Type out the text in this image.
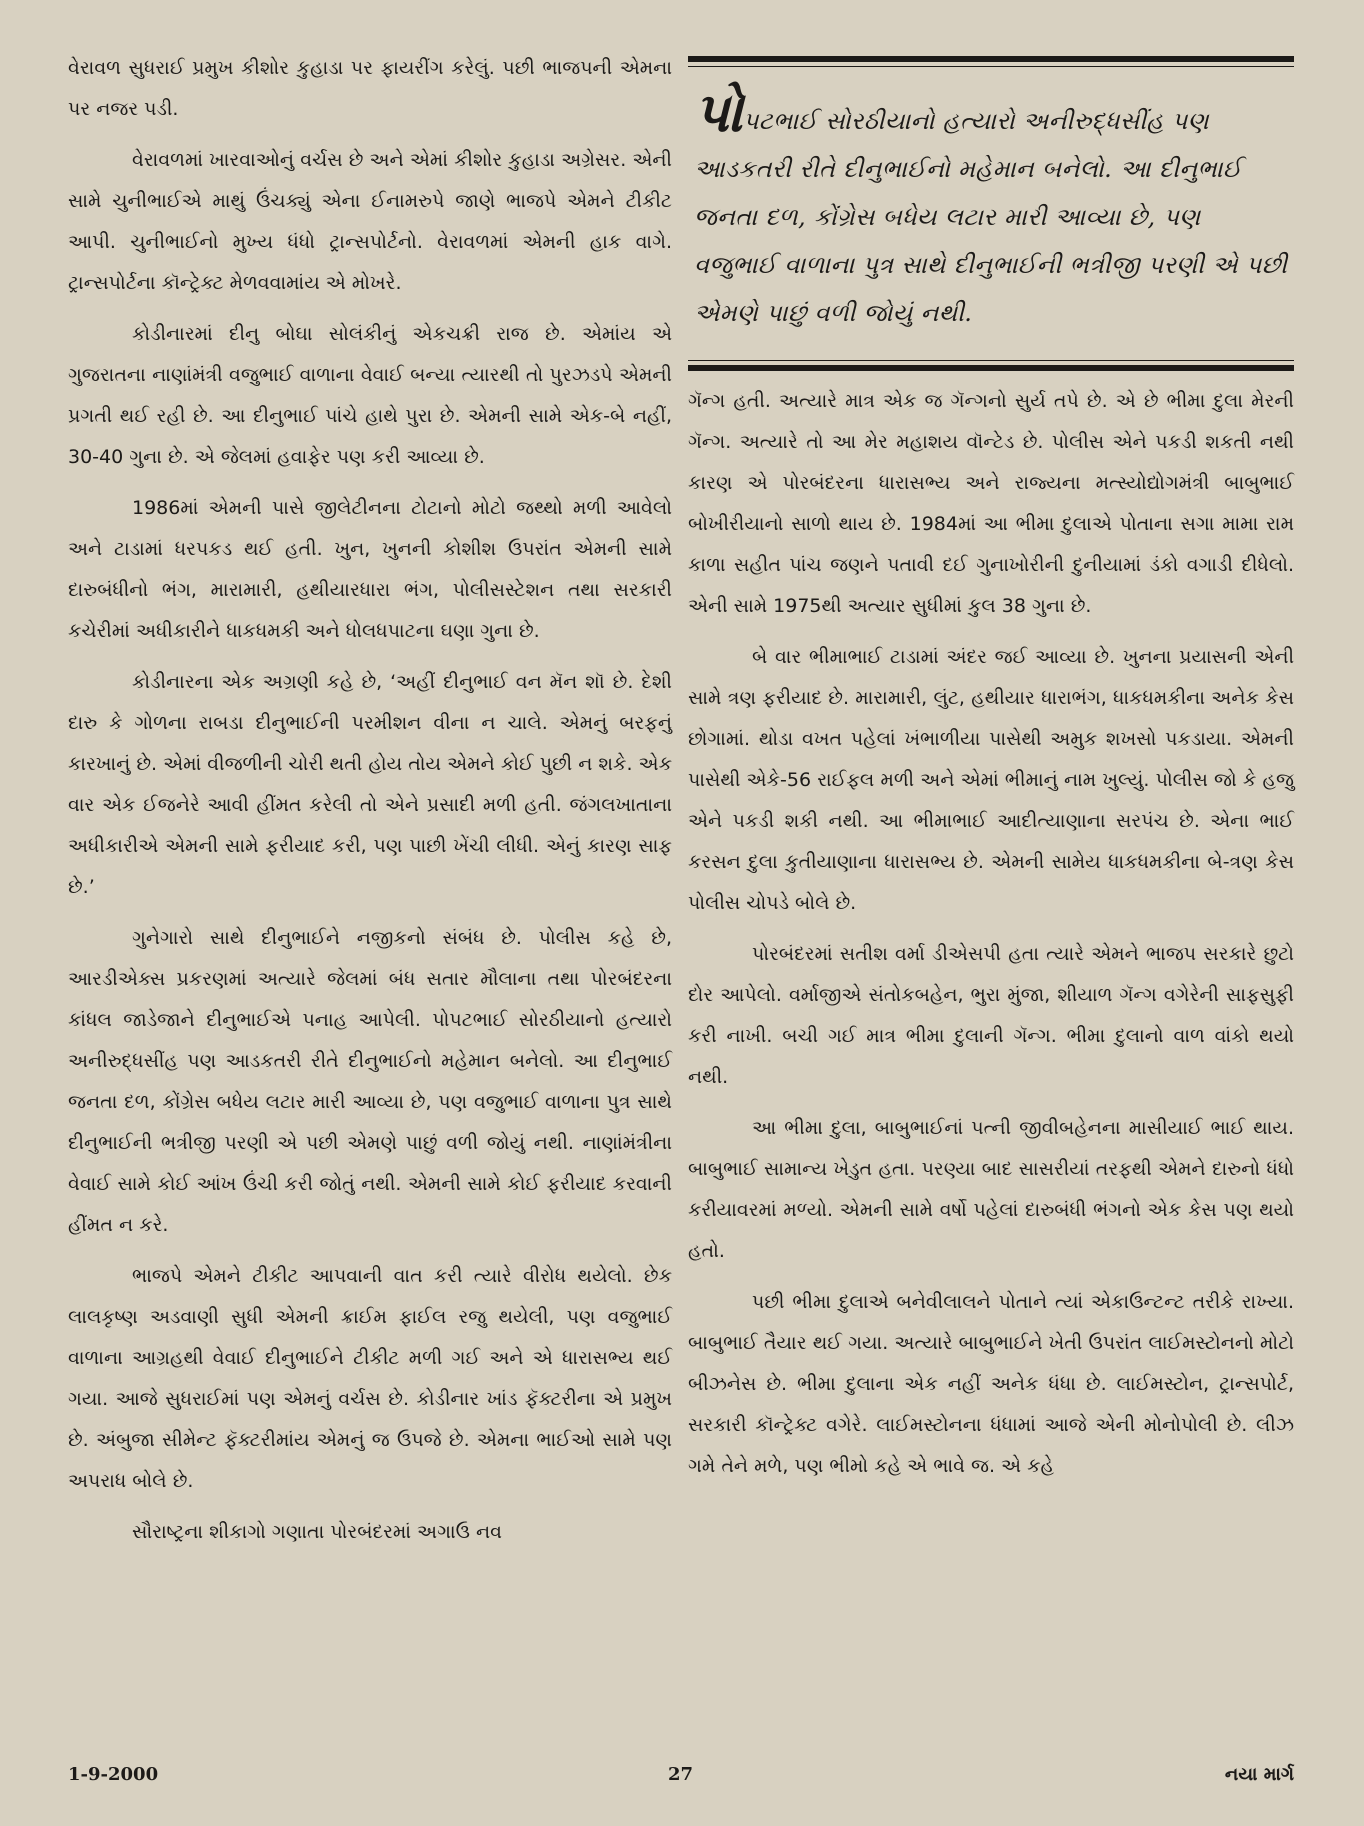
વેરાવળ સુધરાઈ પ્રમુખ કીશોર કુહાડા પર ફાયરીંગ કરેલું. પછી ભાજપની એમના પર નજર પડી.

વેરાવળમાં ખારવાઓનું વર્ચસ છે અને એમાં કીશોર કુહાડા અગ્રેસર. એની સામે ચુનીભાઈએ માથું ઉંચક્યું એના ઈનામરુપે જાણે ભાજપે એમને ટીકીટ આપી. ચુનીભાઈનો મુખ્ય ધંધો ટ્રાન્સપોર્ટનો. વેરાવળમાં એમની હાક વાગે. ટ્રાન્સપોર્ટના કૉન્ટ્રેક્ટ મેળવવામાંય એ મોખરે.

કોડીનારમાં દીનુ બોઘા સોલંકીનું એકચક્રી રાજ છે. એમાંય એ ગુજરાતના નાણાંમંત્રી વજુભાઈ વાળાના વેવાઈ બન્યા ત્યારથી તો પુરઝડપે એમની પ્રગતી થઈ રહી છે. આ દીનુભાઈ પાંચે હાથે પુરા છે. એમની સામે એક-બે નહીં, 30-40 ગુના છે. એ જેલમાં હવાફેર પણ કરી આવ્યા છે.

1986માં એમની પાસે જીલેટીનના ટોટાનો મોટો જથ્થો મળી આવેલો અને ટાડામાં ધરપકડ થઈ હતી. ખુન, ખુનની કોશીશ ઉપરાંત એમની સામે દારુબંધીનો ભંગ, મારામારી, હથીયારધારા ભંગ, પોલીસસ્ટેશન તથા સરકારી કચેરીમાં અધીકારીને ધાકધમકી અને ધોલધપાટના ઘણા ગુના છે.

કોડીનારના એક અગ્રણી કહે છે, ‘અહીં દીનુભાઈ વન મૅન શૉ છે. દેશી દારુ કે ગોળના રાબડા દીનુભાઈની પરમીશન વીના ન ચાલે. એમનું બરફનું કારખાનું છે. એમાં વીજળીની ચોરી થતી હોય તોય એમને કોઈ પુછી ન શકે. એક વાર એક ઈજનેરે આવી હીંમત કરેલી તો એને પ્રસાદી મળી હતી. જંગલખાતાના અધીકારીએ એમની સામે ફરીયાદ કરી, પણ પાછી ખેંચી લીધી. એનું કારણ સાફ છે.’

ગુનેગારો સાથે દીનુભાઈને નજીકનો સંબંધ છે. પોલીસ કહે છે, આરડીએક્સ પ્રકરણમાં અત્યારે જેલમાં બંધ સતાર મૌલાના તથા પોરબંદરના કાંધલ જાડેજાને દીનુભાઈએ પનાહ આપેલી. પોપટભાઈ સોરઠીયાનો હત્યારો અનીરુદ્ધસીંહ પણ આડકતરી રીતે દીનુભાઈનો મહેમાન બનેલો. આ દીનુભાઈ જનતા દળ, કોંગ્રેસ બધેય લટાર મારી આવ્યા છે, પણ વજુભાઈ વાળાના પુત્ર સાથે દીનુભાઈની ભત્રીજી પરણી એ પછી એમણે પાછું વળી જોયું નથી. નાણાંમંત્રીના વેવાઈ સામે કોઈ આંખ ઉંચી કરી જોતું નથી. એમની સામે કોઈ ફરીયાદ કરવાની હીંમત ન કરે.

ભાજપે એમને ટીકીટ આપવાની વાત કરી ત્યારે વીરોધ થયેલો. છેક લાલકૃષ્ણ અડવાણી સુધી એમની ક્રાઈમ ફાઈલ રજુ થયેલી, પણ વજુભાઈ વાળાના આગ્રહથી વેવાઈ દીનુભાઈને ટીકીટ મળી ગઈ અને એ ધારાસભ્ય થઈ ગયા. આજે સુધરાઈમાં પણ એમનું વર્ચસ છે. કોડીનાર ખાંડ ફૅક્ટરીના એ પ્રમુખ છે. અંબુજા સીમેન્ટ ફૅક્ટરીમાંય એમનું જ ઉપજે છે. એમના ભાઈઓ સામે પણ અપરાધ બોલે છે.

સૌરાષ્ટ્રના શીકાગો ગણાતા પોરબંદરમાં અગાઉ નવ

પોપટભાઈ સોરઠીયાનો હત્યારો અનીરુદ્ધસીંહ પણ આડકતરી રીતે દીનુભાઈનો મહેમાન બનેલો. આ દીનુભાઈ જનતા દળ, કોંગ્રેસ બધેય લટાર મારી આવ્યા છે, પણ વજુભાઈ વાળાના પુત્ર સાથે દીનુભાઈની ભત્રીજી પરણી એ પછી એમણે પાછું વળી જોયું નથી.

ગૅન્ગ હતી. અત્યારે માત્ર એક જ ગૅન્ગનો સુર્ય તપે છે. એ છે ભીમા દુલા મેરની ગૅન્ગ. અત્યારે તો આ મેર મહાશય વૉન્ટેડ છે. પોલીસ એને પકડી શકતી નથી કારણ એ પોરબંદરના ધારાસભ્ય અને રાજ્યના મત્સ્યોદ્યોગમંત્રી બાબુભાઈ બોખીરીયાનો સાળો થાય છે. 1984માં આ ભીમા દુલાએ પોતાના સગા મામા રામ કાળા સહીત પાંચ જણને પતાવી દઈ ગુનાખોરીની દુનીયામાં ડંકો વગાડી દીધેલો. એની સામે 1975થી અત્યાર સુધીમાં કુલ 38 ગુના છે.

બે વાર ભીમાભાઈ ટાડામાં અંદર જઈ આવ્યા છે. ખુનના પ્રયાસની એની સામે ત્રણ ફરીયાદ છે. મારામારી, લુંટ, હથીયાર ધારાભંગ, ધાકધમકીના અનેક કેસ છોગામાં. થોડા વખત પહેલાં ખંભાળીયા પાસેથી અમુક શખસો પકડાયા. એમની પાસેથી એકે-56 રાઈફલ મળી અને એમાં ભીમાનું નામ ખુલ્યું. પોલીસ જો કે હજુ એને પકડી શકી નથી. આ ભીમાભાઈ આદીત્યાણાના સરપંચ છે. એના ભાઈ કરસન દુલા કુતીયાણાના ધારાસભ્ય છે. એમની સામેય ધાકધમકીના બે-ત્રણ કેસ પોલીસ ચોપડે બોલે છે.

પોરબંદરમાં સતીશ વર્મા ડીએસપી હતા ત્યારે એમને ભાજપ સરકારે છુટો દોર આપેલો. વર્માજીએ સંતોકબહેન, ભુરા મુંજા, શીયાળ ગૅન્ગ વગેરેની સાફસુફી કરી નાખી. બચી ગઈ માત્ર ભીમા દુલાની ગૅન્ગ. ભીમા દુલાનો વાળ વાંકો થયો નથી.

આ ભીમા દુલા, બાબુભાઈનાં પત્ની જીવીબહેનના માસીયાઈ ભાઈ થાય. બાબુભાઈ સામાન્ય ખેડુત હતા. પરણ્યા બાદ સાસરીયાં તરફથી એમને દારુનો ધંધો કરીયાવરમાં મળ્યો. એમની સામે વર્ષો પહેલાં દારુબંધી ભંગનો એક કેસ પણ થયો હતો.

પછી ભીમા દુલાએ બનેવીલાલને પોતાને ત્યાં એકાઉન્ટન્ટ તરીકે રાખ્યા. બાબુભાઈ તૈયાર થઈ ગયા. અત્યારે બાબુભાઈને ખેતી ઉપરાંત લાઈમસ્ટોનનો મોટો બીઝનેસ છે. ભીમા દુલાના એક નહીં અનેક ધંધા છે. લાઈમસ્ટોન, ટ્રાન્સપોર્ટ, સરકારી કૉન્ટ્રેક્ટ વગેરે. લાઈમસ્ટોનના ધંધામાં આજે એની મોનોપોલી છે. લીઝ ગમે તેને મળે, પણ ભીમો કહે એ ભાવે જ. એ કહે

1-9-2000	27	નયા માર્ગ
